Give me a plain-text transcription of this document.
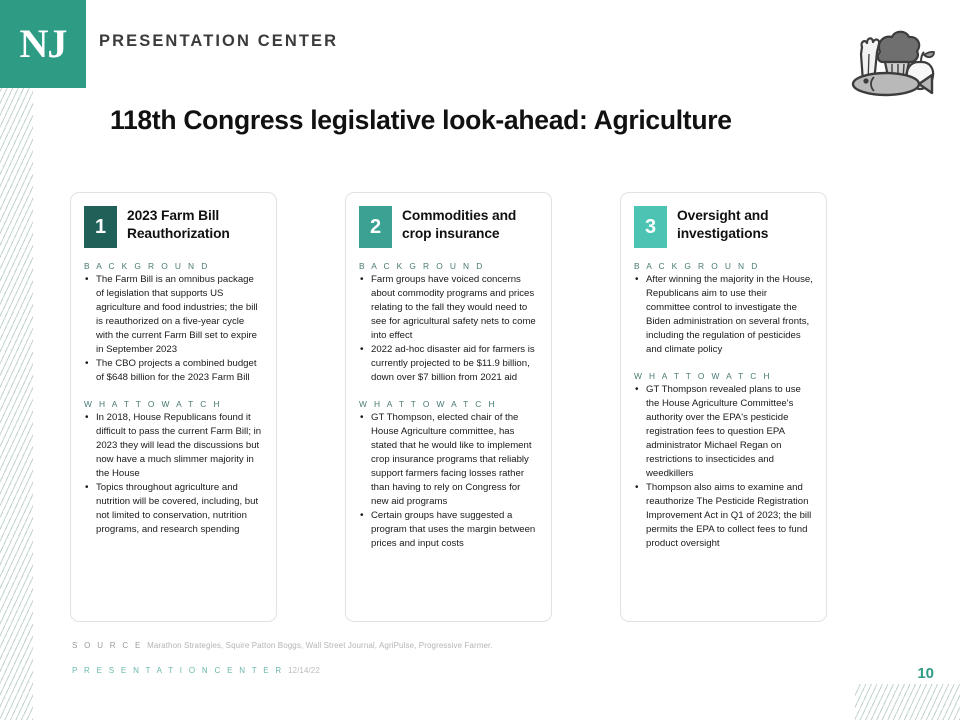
NJ PRESENTATION CENTER
118th Congress legislative look-ahead: Agriculture
1
2023 Farm Bill Reauthorization
B A C K G R O U N D
• The Farm Bill is an omnibus package of legislation that supports US agriculture and food industries; the bill is reauthorized on a five-year cycle with the current Farm Bill set to expire in September 2023
• The CBO projects a combined budget of $648 billion for the 2023 Farm Bill
W H A T T O W A T C H
• In 2018, House Republicans found it difficult to pass the current Farm Bill; in 2023 they will lead the discussions but now have a much slimmer majority in the House
• Topics throughout agriculture and nutrition will be covered, including, but not limited to conservation, nutrition programs, and research spending
2
Commodities and crop insurance
B A C K G R O U N D
• Farm groups have voiced concerns about commodity programs and prices relating to the fall they would need to see for agricultural safety nets to come into effect
• 2022 ad-hoc disaster aid for farmers is currently projected to be $11.9 billion, down over $7 billion from 2021 aid
W H A T T O W A T C H
• GT Thompson, elected chair of the House Agriculture committee, has stated that he would like to implement crop insurance programs that reliably support farmers facing losses rather than having to rely on Congress for new aid programs
• Certain groups have suggested a program that uses the margin between prices and input costs
3
Oversight and investigations
B A C K G R O U N D
• After winning the majority in the House, Republicans aim to use their committee control to investigate the Biden administration on several fronts, including the regulation of pesticides and climate policy
W H A T T O W A T C H
• GT Thompson revealed plans to use the House Agriculture Committee's authority over the EPA's pesticide registration fees to question EPA administrator Michael Regan on restrictions to insecticides and weedkillers
• Thompson also aims to examine and reauthorize The Pesticide Registration Improvement Act in Q1 of 2023; the bill permits the EPA to collect fees to fund product oversight
S O U R C E Marathon Strategies, Squire Patton Boggs, Wall Street Journal, AgriPulse, Progressive Farmer.
P R E S E N T A T I O N C E N T E R 12/14/22	10
